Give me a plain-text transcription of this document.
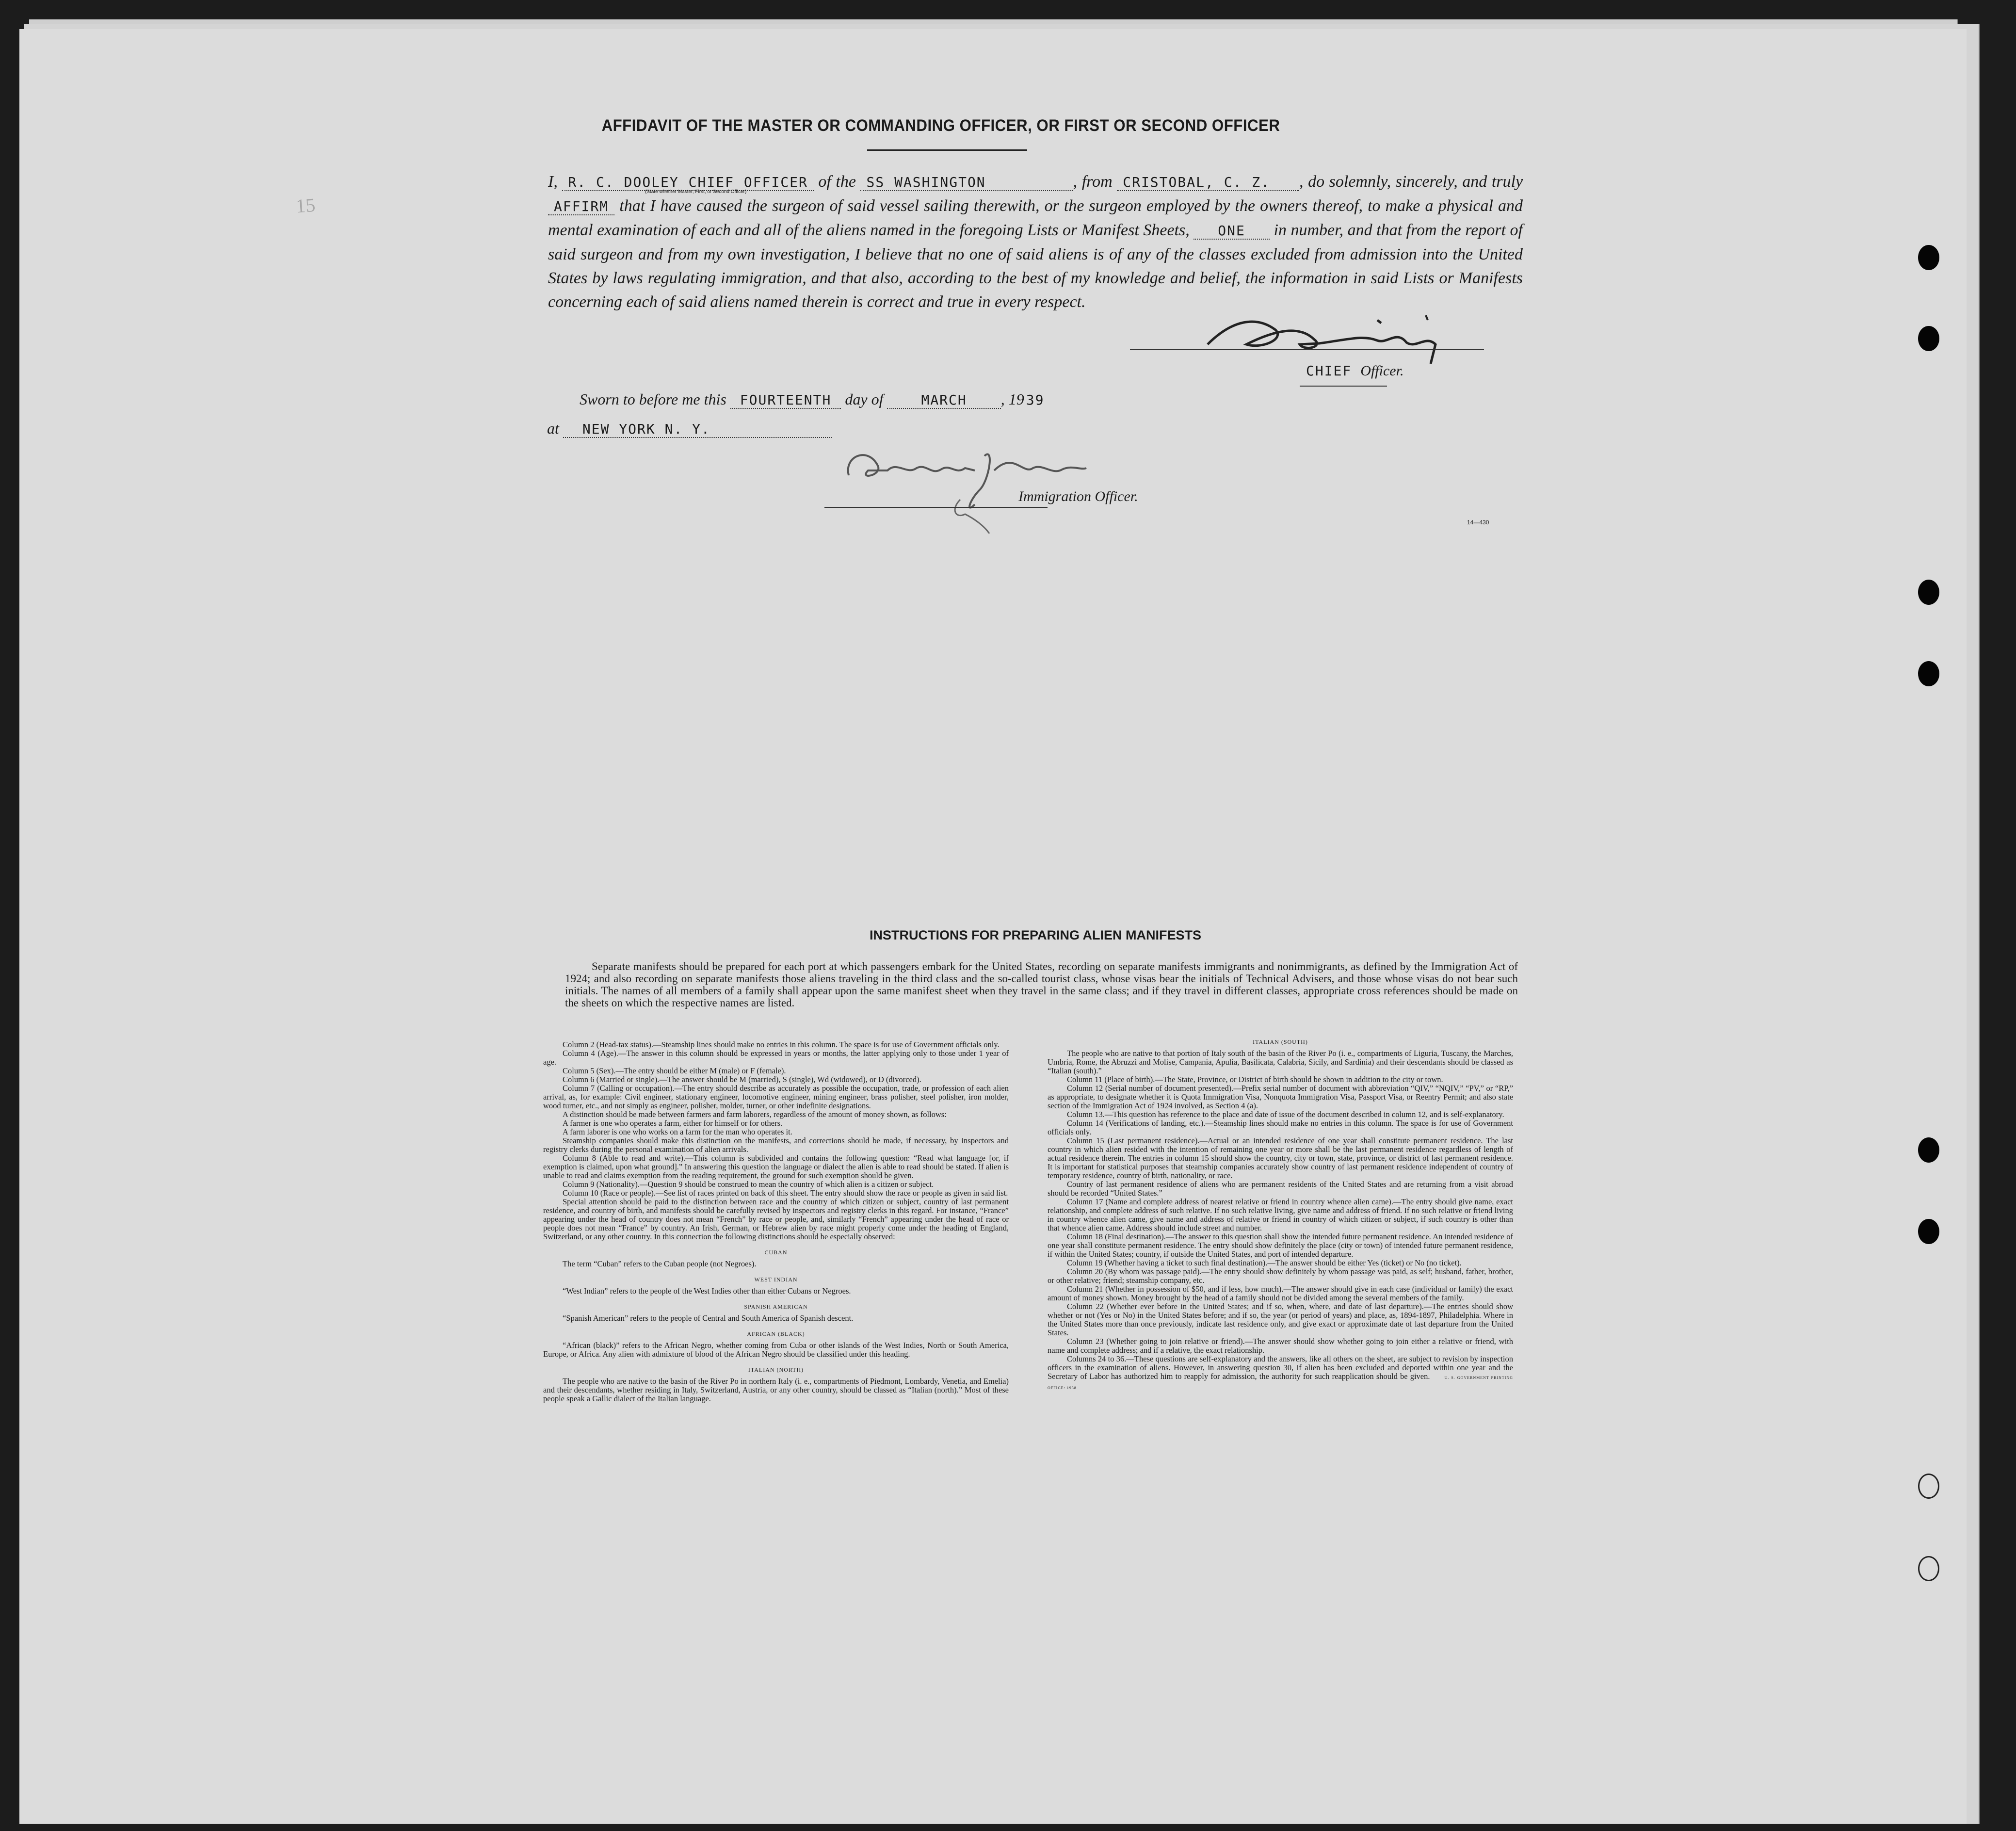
15
AFFIDAVIT OF THE MASTER OR COMMANDING OFFICER, OR FIRST OR SECOND OFFICER
I, R. C. DOOLEY CHIEF OFFICER of the SS WASHINGTON	, from CRISTOBAL, C. Z. , do solemnly, sincerely, and truly AFFIRM that I have caused the surgeon of said vessel sailing therewith, or the surgeon employed by the owners thereof, to make a physical and mental examination of each and all of the aliens named in the foregoing Lists or Manifest Sheets, ONE in number, and that from the report of said surgeon and from my own investigation, I believe that no one of said aliens is of any of the classes excluded from admission into the United States by laws regulating immigration, and that also, according to the best of my knowledge and belief, the information in said Lists or Manifests concerning each of said aliens named therein is correct and true in every respect.
(State whether Master, First, or Second Officer)
CHIEF Officer.
Sworn to before me this FOURTEENTH day of	MARCH , 19 39
at NEW YORK N. Y.
Immigration Officer.
14—430
INSTRUCTIONS FOR PREPARING ALIEN MANIFESTS
Separate manifests should be prepared for each port at which passengers embark for the United States, recording on separate manifests immigrants and nonimmigrants, as defined by the Immigration Act of 1924; and also recording on separate manifests those aliens traveling in the third class and the so-called tourist class, whose visas bear the initials of Technical Advisers, and those whose visas do not bear such initials. The names of all members of a family shall appear upon the same manifest sheet when they travel in the same class; and if they travel in different classes, appropriate cross references should be made on the sheets on which the respective names are listed.

Column 2 (Head-tax status).—Steamship lines should make no entries in this column. The space is for use of Government officials only.

Column 4 (Age).—The answer in this column should be expressed in years or months, the latter applying only to those under 1 year of age.

Column 5 (Sex).—The entry should be either M (male) or F (female).

Column 6 (Married or single).—The answer should be M (married), S (single), Wd (widowed), or D (divorced).

Column 7 (Calling or occupation).—The entry should describe as accurately as possible the occupation, trade, or profession of each alien arrival, as, for example: Civil engineer, stationary engineer, locomotive engineer, mining engineer, brass polisher, steel polisher, iron molder, wood turner, etc., and not simply as engineer, polisher, molder, turner, or other indefinite designations.

A distinction should be made between farmers and farm laborers, regardless of the amount of money shown, as follows:

A farmer is one who operates a farm, either for himself or for others.

A farm laborer is one who works on a farm for the man who operates it.

Steamship companies should make this distinction on the manifests, and corrections should be made, if necessary, by inspectors and registry clerks during the personal examination of alien arrivals.

Column 8 (Able to read and write).—This column is subdivided and contains the following question: “Read what language [or, if exemption is claimed, upon what ground].” In answering this question the language or dialect the alien is able to read should be stated. If alien is unable to read and claims exemption from the reading requirement, the ground for such exemption should be given.

Column 9 (Nationality).—Question 9 should be construed to mean the country of which alien is a citizen or subject.

Column 10 (Race or people).—See list of races printed on back of this sheet. The entry should show the race or people as given in said list.

Special attention should be paid to the distinction between race and the country of which citizen or subject, country of last permanent residence, and country of birth, and manifests should be carefully revised by inspectors and registry clerks in this regard. For instance, “France” appearing under the head of country does not mean “French” by race or people, and, similarly “French” appearing under the head of race or people does not mean “France” by country. An Irish, German, or Hebrew alien by race might properly come under the heading of England, Switzerland, or any other country. In this connection the following distinctions should be especially observed:

CUBAN

The term “Cuban” refers to the Cuban people (not Negroes).

WEST INDIAN

“West Indian” refers to the people of the West Indies other than either Cubans or Negroes.

SPANISH AMERICAN

“Spanish American” refers to the people of Central and South America of Spanish descent.

AFRICAN (BLACK)

“African (black)” refers to the African Negro, whether coming from Cuba or other islands of the West Indies, North or South America, Europe, or Africa. Any alien with admixture of blood of the African Negro should be classified under this heading.

ITALIAN (NORTH)

The people who are native to the basin of the River Po in northern Italy (i. e., compartments of Piedmont, Lombardy, Venetia, and Emelia) and their descendants, whether residing in Italy, Switzerland, Austria, or any other country, should be classed as “Italian (north).” Most of these people speak a Gallic dialect of the Italian language.

ITALIAN (SOUTH)

The people who are native to that portion of Italy south of the basin of the River Po (i. e., compartments of Liguria, Tuscany, the Marches, Umbria, Rome, the Abruzzi and Molise, Campania, Apulia, Basilicata, Calabria, Sicily, and Sardinia) and their descendants should be classed as “Italian (south).”

Column 11 (Place of birth).—The State, Province, or District of birth should be shown in addition to the city or town.

Column 12 (Serial number of document presented).—Prefix serial number of document with abbreviation “QIV,” “NQIV,” “PV,” or “RP,” as appropriate, to designate whether it is Quota Immigration Visa, Nonquota Immigration Visa, Passport Visa, or Reentry Permit; and also state section of the Immigration Act of 1924 involved, as Section 4 (a).

Column 13.—This question has reference to the place and date of issue of the document described in column 12, and is self-explanatory.

Column 14 (Verifications of landing, etc.).—Steamship lines should make no entries in this column. The space is for use of Government officials only.

Column 15 (Last permanent residence).—Actual or an intended residence of one year shall constitute permanent residence. The last country in which alien resided with the intention of remaining one year or more shall be the last permanent residence regardless of length of actual residence therein. The entries in column 15 should show the country, city or town, state, province, or district of last permanent residence. It is important for statistical purposes that steamship companies accurately show country of last permanent residence independent of country of temporary residence, country of birth, nationality, or race.

Country of last permanent residence of aliens who are permanent residents of the United States and are returning from a visit abroad should be recorded “United States.”

Column 17 (Name and complete address of nearest relative or friend in country whence alien came).—The entry should give name, exact relationship, and complete address of such relative. If no such relative living, give name and address of friend. If no such relative or friend living in country whence alien came, give name and address of relative or friend in country of which citizen or subject, if such country is other than that whence alien came. Address should include street and number.

Column 18 (Final destination).—The answer to this question shall show the intended future permanent residence. An intended residence of one year shall constitute permanent residence. The entry should show definitely the place (city or town) of intended future permanent residence, if within the United States; country, if outside the United States, and port of intended departure.

Column 19 (Whether having a ticket to such final destination).—The answer should be either Yes (ticket) or No (no ticket).

Column 20 (By whom was passage paid).—The entry should show definitely by whom passage was paid, as self; husband, father, brother, or other relative; friend; steamship company, etc.

Column 21 (Whether in possession of $50, and if less, how much).—The answer should give in each case (individual or family) the exact amount of money shown. Money brought by the head of a family should not be divided among the several members of the family.

Column 22 (Whether ever before in the United States; and if so, when, where, and date of last departure).—The entries should show whether or not (Yes or No) in the United States before; and if so, the year (or period of years) and place, as, 1894-1897, Philadelphia. Where in the United States more than once previously, indicate last residence only, and give exact or approximate date of last departure from the United States.

Column 23 (Whether going to join relative or friend).—The answer should show whether going to join either a relative or friend, with name and complete address; and if a relative, the exact relationship.

Columns 24 to 36.—These questions are self-explanatory and the answers, like all others on the sheet, are subject to revision by inspection officers in the examination of aliens. However, in answering question 30, if alien has been excluded and deported within one year and the Secretary of Labor has authorized him to reapply for admission, the authority for such reapplication should be given.	U. S. GOVERNMENT PRINTING OFFICE: 1938
